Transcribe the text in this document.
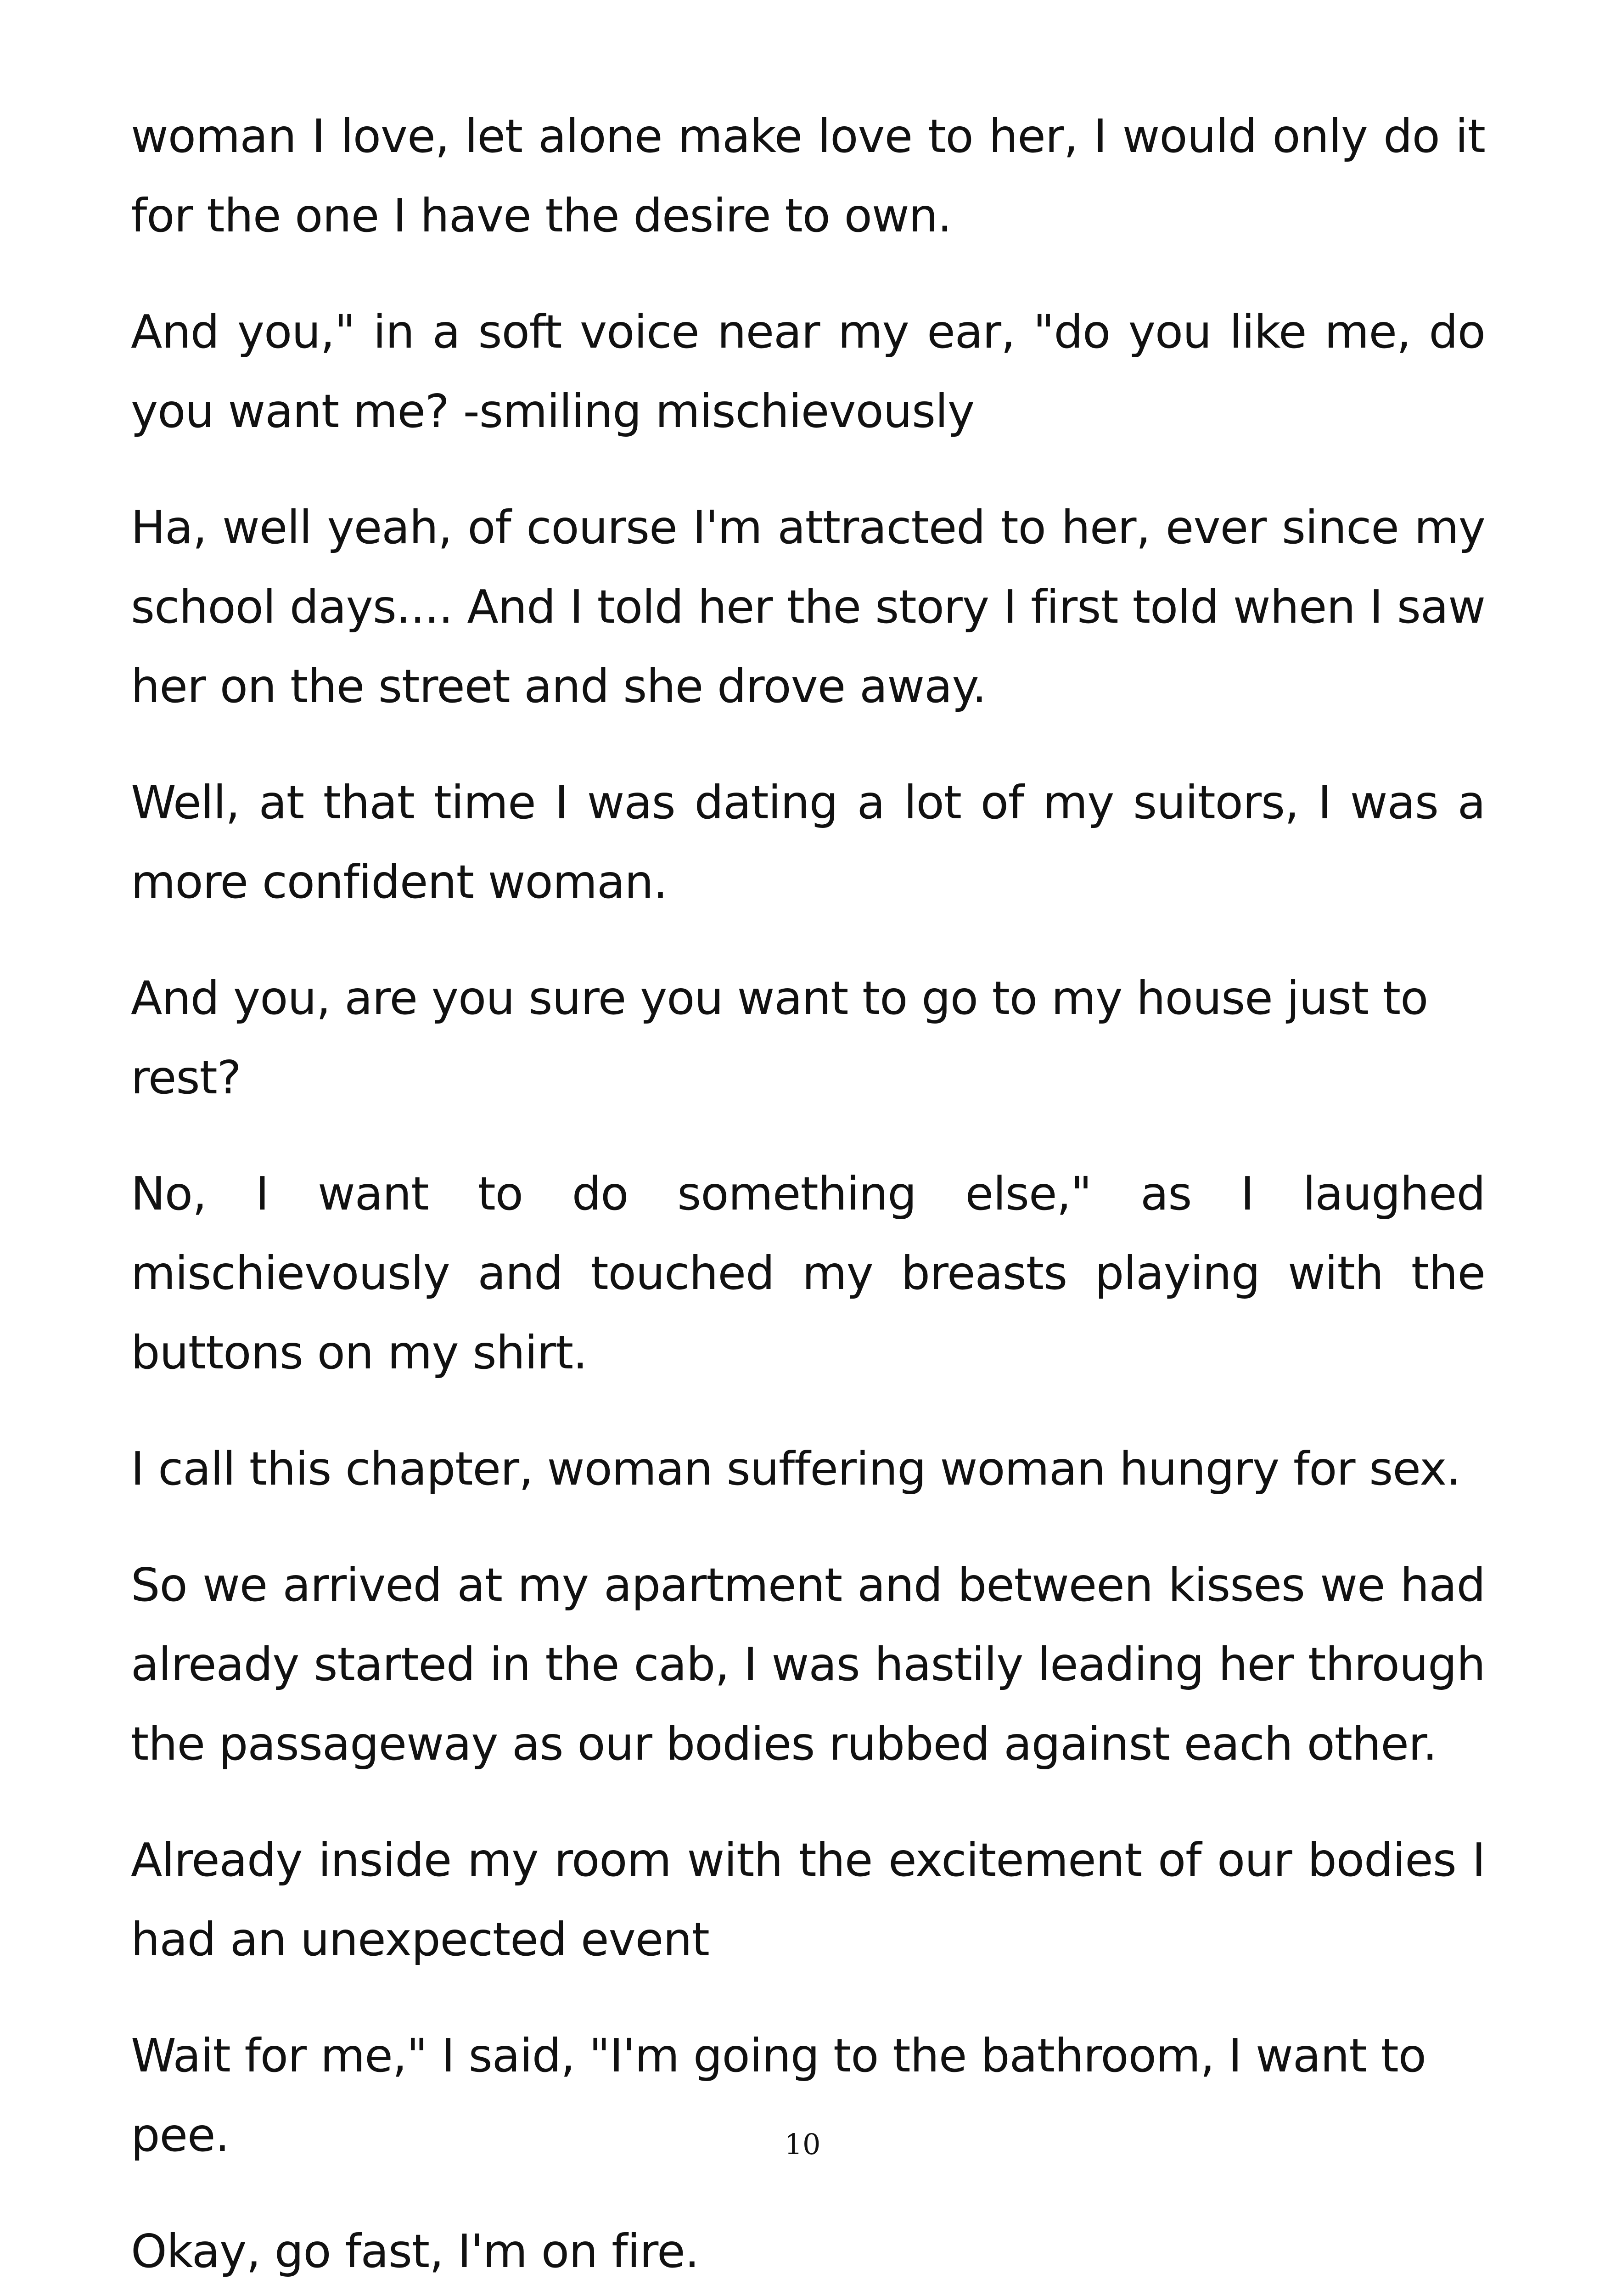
woman I love, let alone make love to her, I would only do it for the one I have the desire to own.

And you," in a soft voice near my ear, "do you like me, do you want me? -smiling mischievously

Ha, well yeah, of course I'm attracted to her, ever since my school days.... And I told her the story I first told when I saw her on the street and she drove away.

Well, at that time I was dating a lot of my suitors, I was a more confident woman.

And you, are you sure you want to go to my house just to rest?

No, I want to do something else," as I laughed mischievously and touched my breasts playing with the buttons on my shirt.

I call this chapter, woman suffering woman hungry for sex.

So we arrived at my apartment and between kisses we had already started in the cab, I was hastily leading her through the passageway as our bodies rubbed against each other.

Already inside my room with the excitement of our bodies I had an unexpected event

Wait for me," I said, "I'm going to the bathroom, I want to pee.

Okay, go fast, I'm on fire.

10
